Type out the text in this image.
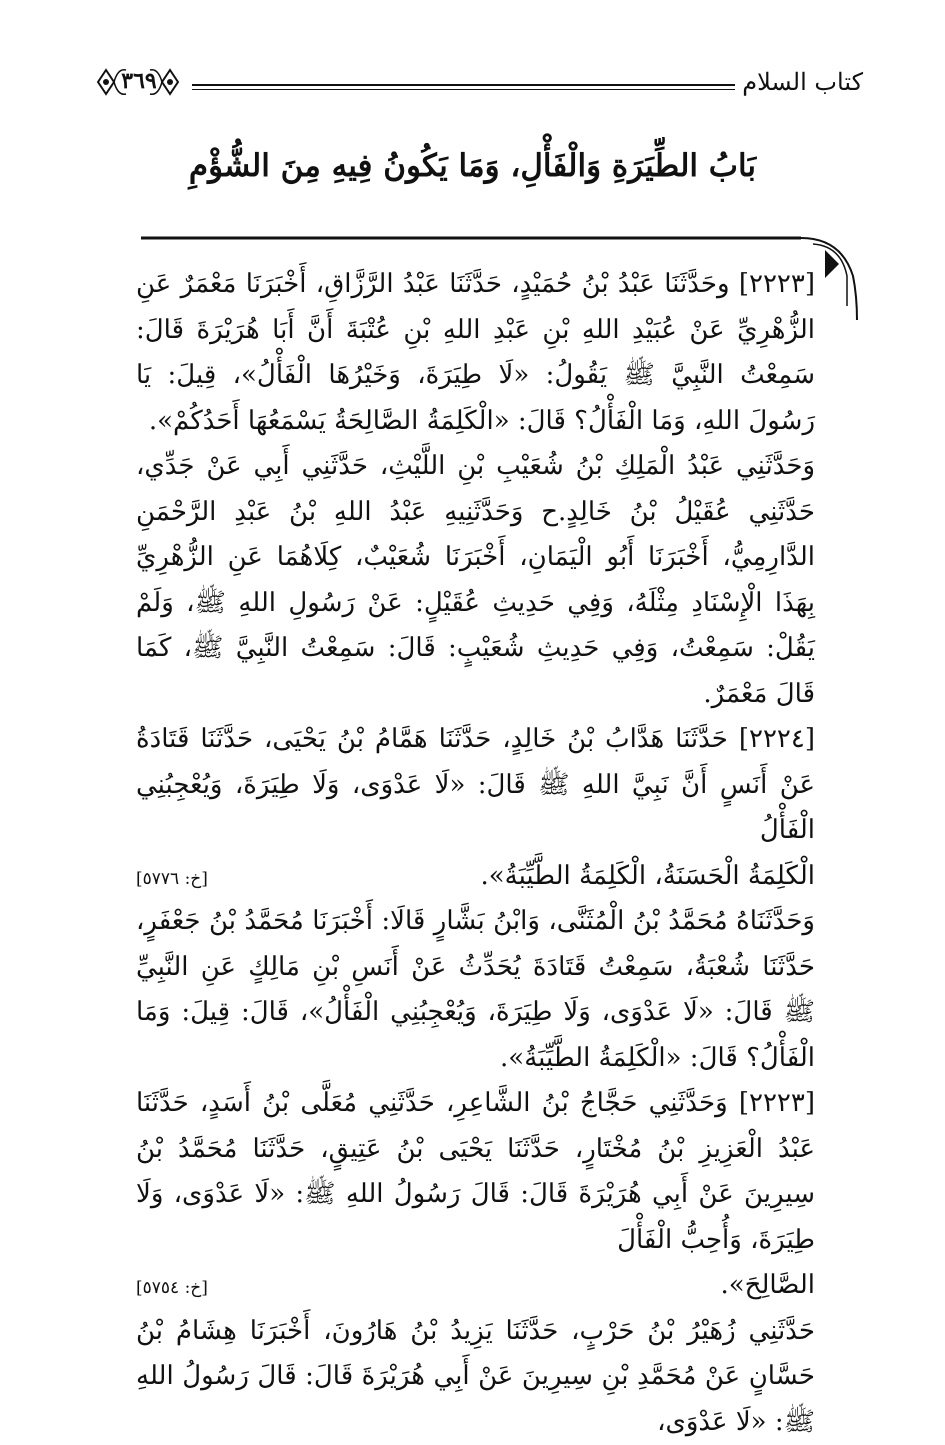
٣٦٩	كتاب السلام
بَابُ الطِّيَرَةِ وَالْفَأْلِ، وَمَا يَكُونُ فِيهِ مِنَ الشُّؤْمِ

[٢٢٢٣] وحَدَّثَنَا عَبْدُ بْنُ حُمَيْدٍ، حَدَّثَنَا عَبْدُ الرَّزَّاقِ، أَخْبَرَنَا مَعْمَرٌ عَنِ الزُّهْرِيِّ عَنْ عُبَيْدِ اللهِ بْنِ عَبْدِ اللهِ بْنِ عُتْبَةَ أَنَّ أَبَا هُرَيْرَةَ قَالَ: سَمِعْتُ النَّبِيَّ ﷺ يَقُولُ: «لَا طِيَرَةَ، وَخَيْرُهَا الْفَأْلُ»، قِيلَ: يَا رَسُولَ اللهِ، وَمَا الْفَأْلُ؟ قَالَ: «الْكَلِمَةُ الصَّالِحَةُ يَسْمَعُهَا أَحَدُكُمْ».

وَحَدَّثَنِي عَبْدُ الْمَلِكِ بْنُ شُعَيْبِ بْنِ اللَّيْثِ، حَدَّثَنِي أَبِي عَنْ جَدِّي، حَدَّثَنِي عُقَيْلُ بْنُ خَالِدٍ.ح وَحَدَّثَنِيهِ عَبْدُ اللهِ بْنُ عَبْدِ الرَّحْمَنِ الدَّارِمِيُّ، أَخْبَرَنَا أَبُو الْيَمَانِ، أَخْبَرَنَا شُعَيْبٌ، كِلَاهُمَا عَنِ الزُّهْرِيِّ بِهَذَا الْإِسْنَادِ مِثْلَهُ، وَفِي حَدِيثِ عُقَيْلٍ: عَنْ رَسُولِ اللهِ ﷺ، وَلَمْ يَقُلْ: سَمِعْتُ، وَفِي حَدِيثِ شُعَيْبٍ: قَالَ: سَمِعْتُ النَّبِيَّ ﷺ، كَمَا قَالَ مَعْمَرٌ.

[٢٢٢٤] حَدَّثَنَا هَدَّابُ بْنُ خَالِدٍ، حَدَّثَنَا هَمَّامُ بْنُ يَحْيَى، حَدَّثَنَا قَتَادَةُ عَنْ أَنَسٍ أَنَّ نَبِيَّ اللهِ ﷺ قَالَ: «لَا عَدْوَى، وَلَا طِيَرَةَ، وَيُعْجِبُنِي الْفَأْلُ

الْكَلِمَةُ الْحَسَنَةُ، الْكَلِمَةُ الطَّيِّبَةُ».
[خ: ٥٧٧٦]

وَحَدَّثَنَاهُ مُحَمَّدُ بْنُ الْمُثَنَّى، وَابْنُ بَشَّارٍ قَالَا: أَخْبَرَنَا مُحَمَّدُ بْنُ جَعْفَرٍ، حَدَّثَنَا شُعْبَةُ، سَمِعْتُ قَتَادَةَ يُحَدِّثُ عَنْ أَنَسِ بْنِ مَالِكٍ عَنِ النَّبِيِّ ﷺ قَالَ: «لَا عَدْوَى، وَلَا طِيَرَةَ، وَيُعْجِبُنِي الْفَأْلُ»، قَالَ: قِيلَ: وَمَا الْفَأْلُ؟ قَالَ: «الْكَلِمَةُ الطَّيِّبَةُ».

[٢٢٢٣] وَحَدَّثَنِي حَجَّاجُ بْنُ الشَّاعِرِ، حَدَّثَنِي مُعَلَّى بْنُ أَسَدٍ، حَدَّثَنَا عَبْدُ الْعَزِيزِ بْنُ مُخْتَارٍ، حَدَّثَنَا يَحْيَى بْنُ عَتِيقٍ، حَدَّثَنَا مُحَمَّدُ بْنُ سِيرِينَ عَنْ أَبِي هُرَيْرَةَ قَالَ: قَالَ رَسُولُ اللهِ ﷺ: «لَا عَدْوَى، وَلَا طِيَرَةَ، وَأُحِبُّ الْفَأْلَ

الصَّالِحَ».
[خ: ٥٧٥٤]

حَدَّثَنِي زُهَيْرُ بْنُ حَرْبٍ، حَدَّثَنَا يَزِيدُ بْنُ هَارُونَ، أَخْبَرَنَا هِشَامُ بْنُ حَسَّانٍ عَنْ مُحَمَّدِ بْنِ سِيرِينَ عَنْ أَبِي هُرَيْرَةَ قَالَ: قَالَ رَسُولُ اللهِ ﷺ: «لَا عَدْوَى،
